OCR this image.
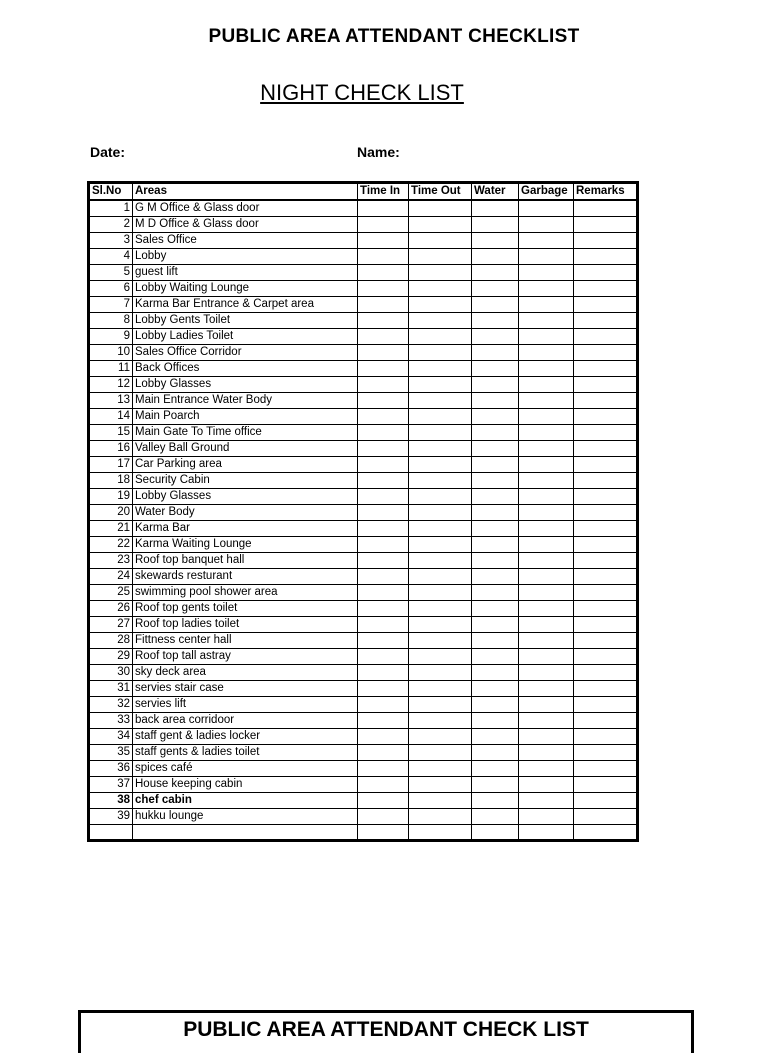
PUBLIC AREA ATTENDANT CHECKLIST
NIGHT CHECK LIST
Date:	Name:
Sl.No	Areas	Time In	Time Out	Water	Garbage	Remarks
1	G M Office & Glass door					
2	M D Office & Glass door					
3	Sales Office					
4	Lobby					
5	guest lift					
6	Lobby Waiting Lounge					
7	Karma Bar Entrance & Carpet area					
8	Lobby Gents Toilet					
9	Lobby Ladies Toilet					
10	Sales Office Corridor					
11	Back Offices					
12	Lobby Glasses					
13	Main Entrance Water Body					
14	Main Poarch					
15	Main Gate To Time office					
16	Valley Ball Ground					
17	Car Parking area					
18	Security Cabin					
19	Lobby Glasses					
20	Water Body					
21	Karma Bar					
22	Karma Waiting Lounge					
23	Roof top banquet hall					
24	skewards resturant					
25	swimming pool shower area					
26	Roof top gents toilet					
27	Roof top ladies toilet					
28	Fittness center hall					
29	Roof top tall astray					
30	sky deck area					
31	servies stair case					
32	servies lift					
33	back area corridoor					
34	staff gent & ladies locker					
35	staff gents & ladies toilet					
36	spices café					
37	House keeping cabin					
38	chef cabin					
39	hukku lounge					

PUBLIC AREA ATTENDANT CHECK LIST
